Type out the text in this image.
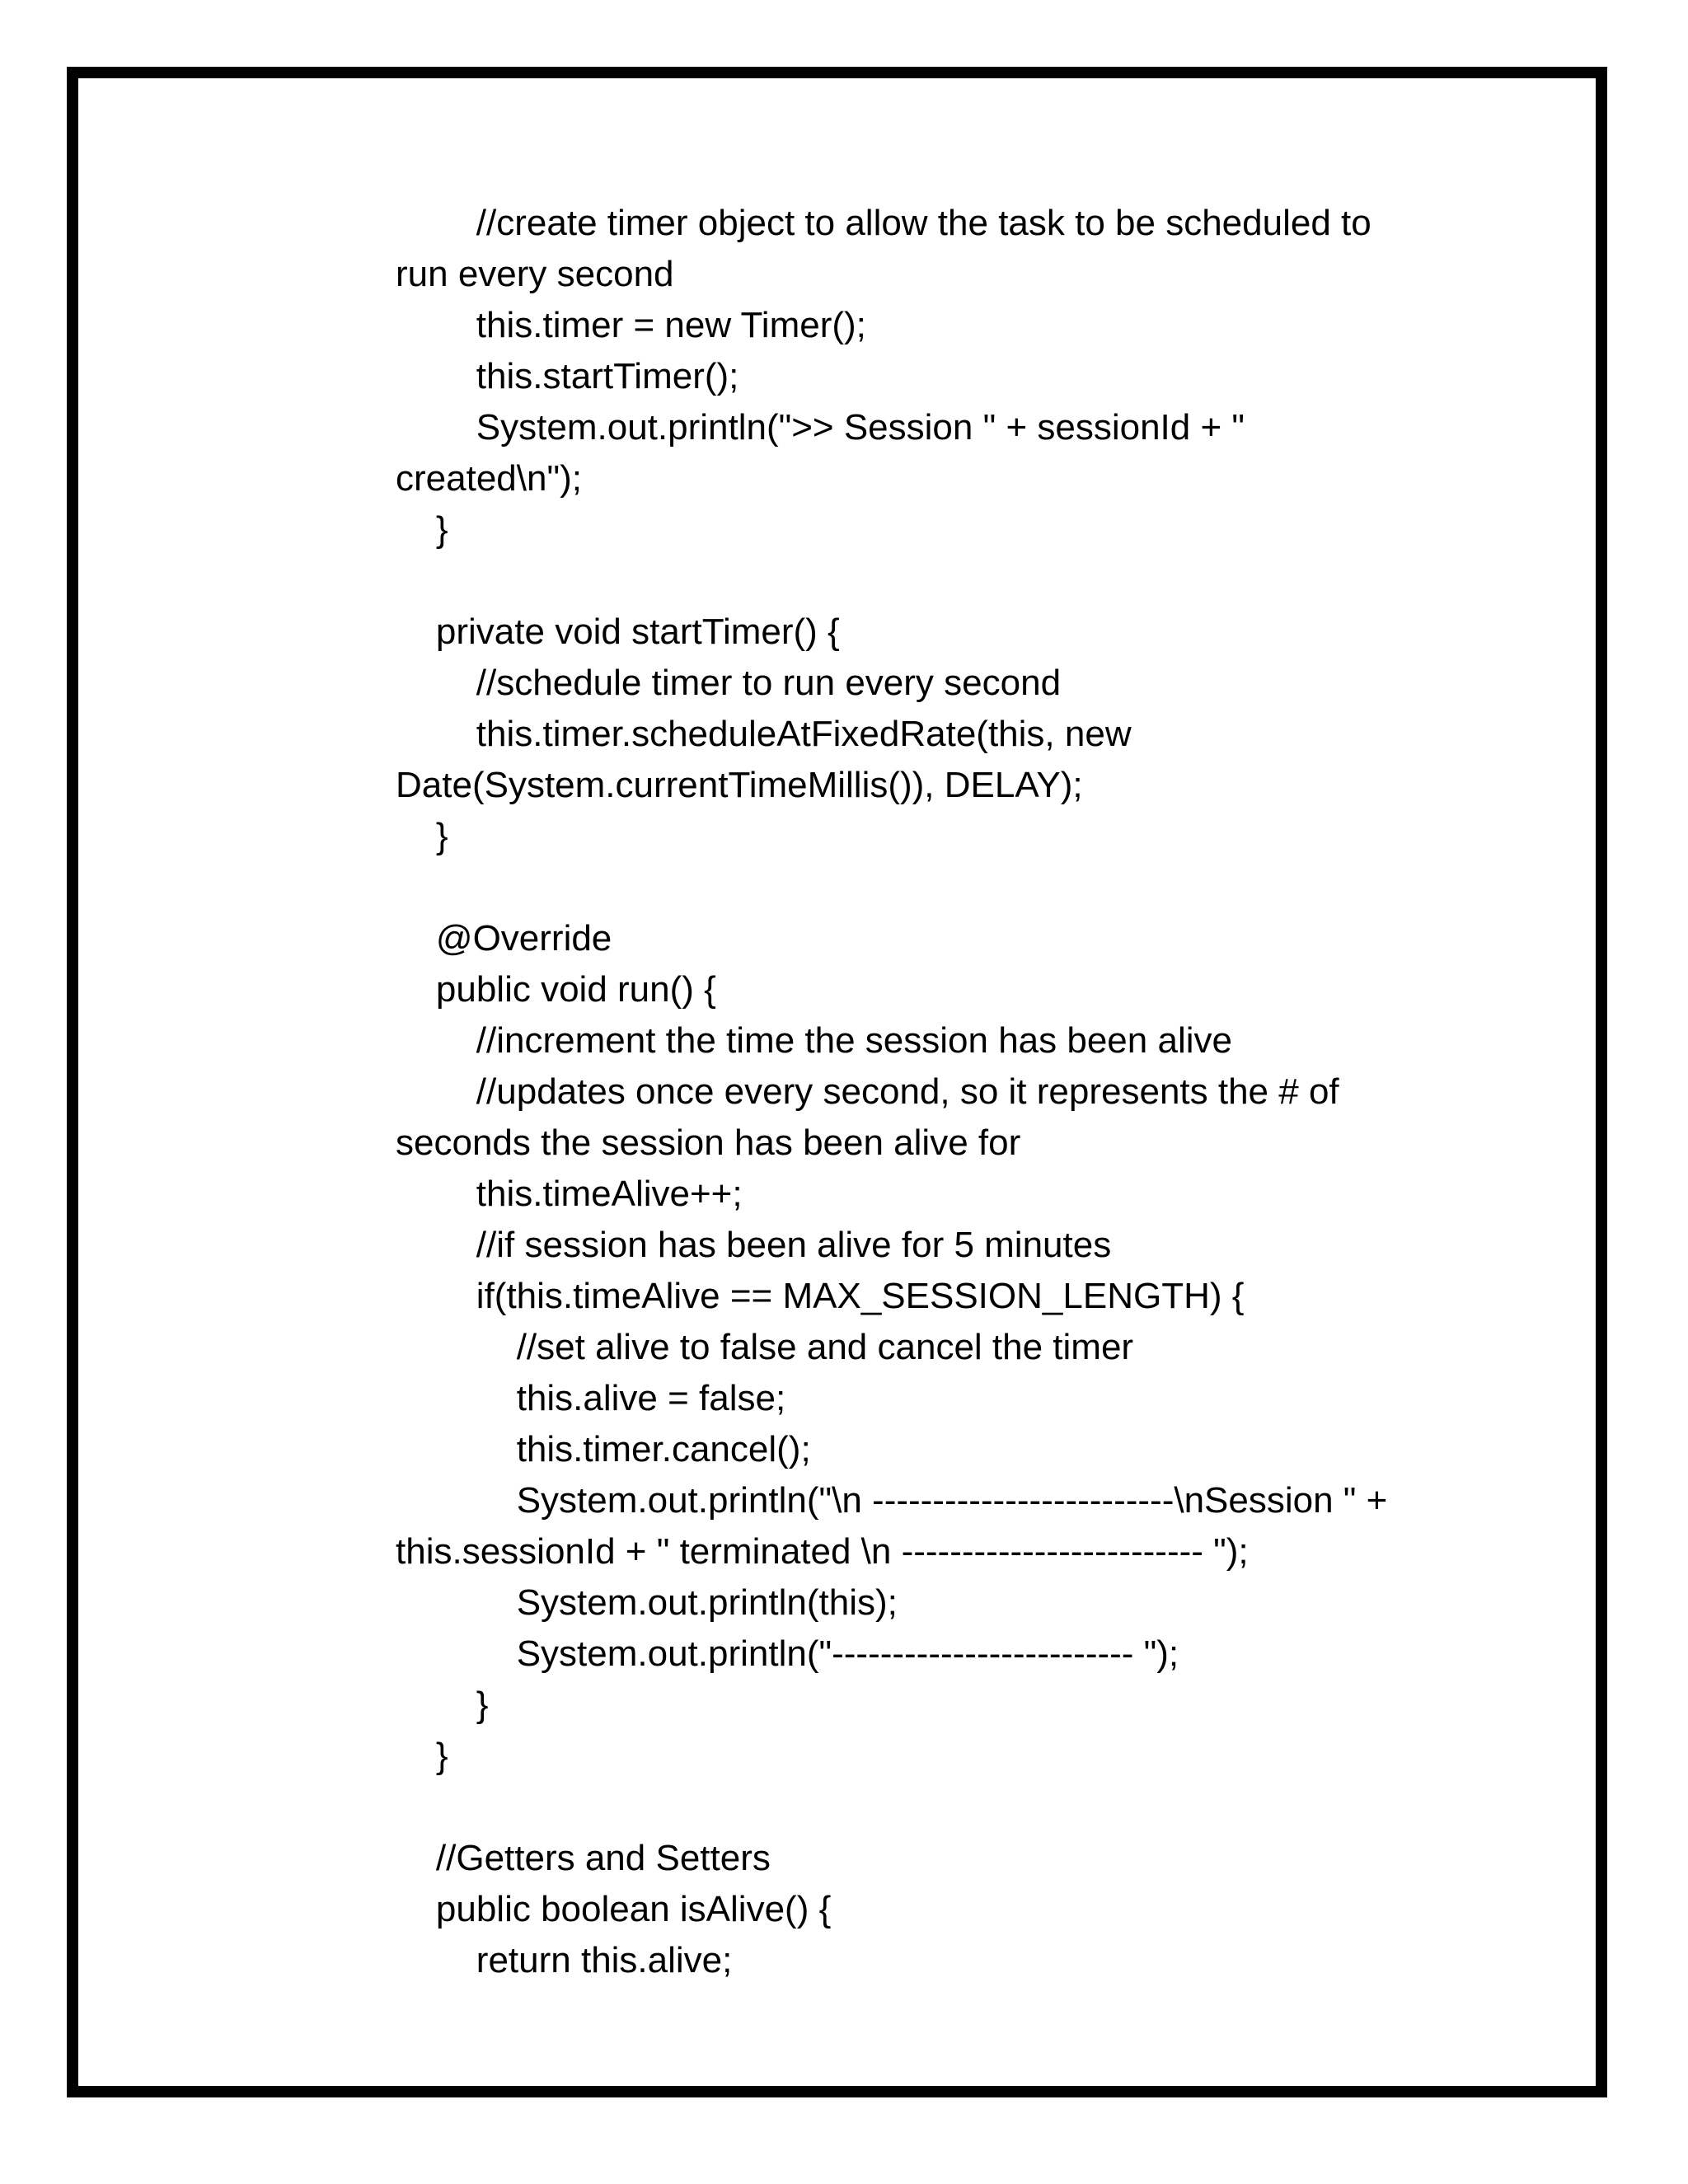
//create timer object to allow the task to be scheduled to
run every second
this.timer = new Timer();
this.startTimer();
System.out.println(">> Session " + sessionId + "
created\n");
}
private void startTimer() {
//schedule timer to run every second
this.timer.scheduleAtFixedRate(this, new
Date(System.currentTimeMillis()), DELAY);
}
@Override
public void run() {
//increment the time the session has been alive
//updates once every second, so it represents the # of
seconds the session has been alive for
this.timeAlive++;
//if session has been alive for 5 minutes
if(this.timeAlive == MAX_SESSION_LENGTH) {
//set alive to false and cancel the timer
this.alive = false;
this.timer.cancel();
System.out.println("\n -------------------------\nSession " +
this.sessionId + " terminated \n ------------------------- ");
System.out.println(this);
System.out.println("------------------------- ");
}
}
//Getters and Setters
public boolean isAlive() {
return this.alive;
